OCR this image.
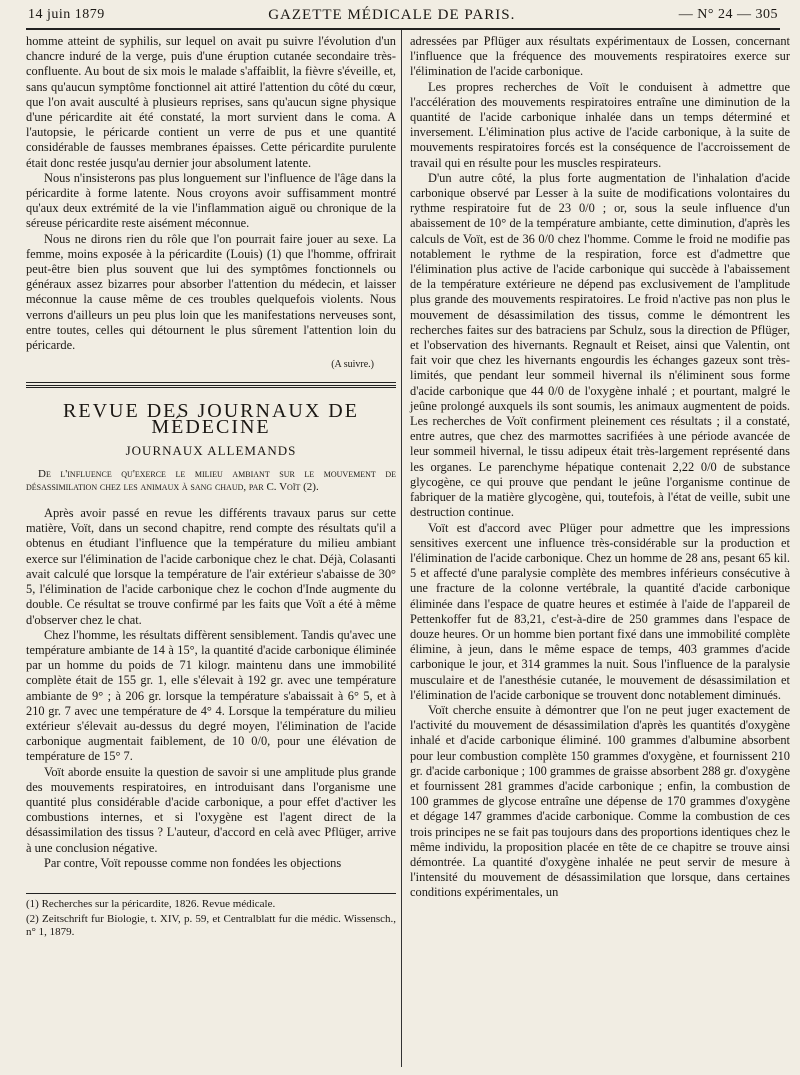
14 juin 1879	GAZETTE MÉDICALE DE PARIS.	— N° 24 — 305

homme atteint de syphilis, sur lequel on avait pu suivre l'évolution d'un chancre induré de la verge, puis d'une éruption cutanée secondaire très-confluente. Au bout de six mois le malade s'affaiblit, la fièvre s'éveille, et, sans qu'aucun symptôme fonctionnel ait attiré l'attention du côté du cœur, que l'on avait ausculté à plusieurs reprises, sans qu'aucun signe physique d'une péricardite ait été constaté, la mort survient dans le coma. A l'autopsie, le péricarde contient un verre de pus et une quantité considérable de fausses membranes épaisses. Cette péricardite purulente était donc restée jusqu'au dernier jour absolument latente.

Nous n'insisterons pas plus longuement sur l'influence de l'âge dans la péricardite à forme latente. Nous croyons avoir suffisamment montré qu'aux deux extrémité de la vie l'inflammation aiguë ou chronique de la séreuse péricardite reste aisément méconnue.

Nous ne dirons rien du rôle que l'on pourrait faire jouer au sexe. La femme, moins exposée à la péricardite (Louis) (1) que l'homme, offrirait peut-être bien plus souvent que lui des symptômes fonctionnels ou généraux assez bizarres pour absorber l'attention du médecin, et laisser méconnue la cause même de ces troubles quelquefois violents. Nous verrons d'ailleurs un peu plus loin que les manifestations nerveuses sont, entre toutes, celles qui détournent le plus sûrement l'attention loin du péricarde.

(A suivre.)
REVUE DES JOURNAUX DE MÉDECINE
JOURNAUX ALLEMANDS

De l'influence qu'exerce le milieu ambiant sur le mouvement de désassimilation chez les animaux à sang chaud, par C. Voït (2).

Après avoir passé en revue les différents travaux parus sur cette matière, Voït, dans un second chapitre, rend compte des résultats qu'il a obtenus en étudiant l'influence que la température du milieu ambiant exerce sur l'élimination de l'acide carbonique chez le chat. Déjà, Colasanti avait calculé que lorsque la température de l'air extérieur s'abaisse de 30° 5, l'élimination de l'acide carbonique chez le cochon d'Inde augmente du double. Ce résultat se trouve confirmé par les faits que Voït a été à même d'observer chez le chat.

Chez l'homme, les résultats diffèrent sensiblement. Tandis qu'avec une température ambiante de 14 à 15°, la quantité d'acide carbonique éliminée par un homme du poids de 71 kilogr. maintenu dans une immobilité complète était de 155 gr. 1, elle s'élevait à 192 gr. avec une température ambiante de 9° ; à 206 gr. lorsque la température s'abaissait à 6° 5, et à 210 gr. 7 avec une température de 4° 4. Lorsque la température du milieu extérieur s'élevait au-dessus du degré moyen, l'élimination de l'acide carbonique augmentait faiblement, de 10 0/0, pour une élévation de température de 15° 7.

Voït aborde ensuite la question de savoir si une amplitude plus grande des mouvements respiratoires, en introduisant dans l'organisme une quantité plus considérable d'acide carbonique, a pour effet d'activer les combustions internes, et si l'oxygène est l'agent direct de la désassimilation des tissus ? L'auteur, d'accord en celà avec Pflüger, arrive à une conclusion négative.

Par contre, Voït repousse comme non fondées les objections

(1) Recherches sur la péricardite, 1826. Revue médicale.

(2) Zeitschrift fur Biologie, t. XIV, p. 59, et Centralblatt fur die médic. Wissensch., n° 1, 1879.

adressées par Pflüger aux résultats expérimentaux de Lossen, concernant l'influence que la fréquence des mouvements respiratoires exerce sur l'élimination de l'acide carbonique.

Les propres recherches de Voït le conduisent à admettre que l'accélération des mouvements respiratoires entraîne une diminution de la quantité de l'acide carbonique inhalée dans un temps déterminé et inversement. L'élimination plus active de l'acide carbonique, à la suite de mouvements respiratoires forcés est la conséquence de l'accroissement de travail qui en résulte pour les muscles respirateurs.

D'un autre côté, la plus forte augmentation de l'inhalation d'acide carbonique observé par Lesser à la suite de modifications volontaires du rythme respiratoire fut de 23 0/0 ; or, sous la seule influence d'un abaissement de 10° de la température ambiante, cette diminution, d'après les calculs de Voït, est de 36 0/0 chez l'homme. Comme le froid ne modifie pas notablement le rythme de la respiration, force est d'admettre que l'élimination plus active de l'acide carbonique qui succède à l'abaissement de la température extérieure ne dépend pas exclusivement de l'amplitude plus grande des mouvements respiratoires. Le froid n'active pas non plus le mouvement de désassimilation des tissus, comme le démontrent les recherches faites sur des batraciens par Schulz, sous la direction de Pflüger, et l'observation des hivernants. Regnault et Reiset, ainsi que Valentin, ont fait voir que chez les hivernants engourdis les échanges gazeux sont très-limités, que pendant leur sommeil hivernal ils n'éliminent sous forme d'acide carbonique que 44 0/0 de l'oxygène inhalé ; et pourtant, malgré le jeûne prolongé auxquels ils sont soumis, les animaux augmentent de poids. Les recherches de Voït confirment pleinement ces résultats ; il a constaté, entre autres, que chez des marmottes sacrifiées à une période avancée de leur sommeil hivernal, le tissu adipeux était très-largement représenté dans les organes. Le parenchyme hépatique contenait 2,22 0/0 de substance glycogène, ce qui prouve que pendant le jeûne l'organisme continue de fabriquer de la matière glycogène, qui, toutefois, à l'état de veille, subit une destruction continue.

Voït est d'accord avec Plüger pour admettre que les impressions sensitives exercent une influence très-considérable sur la production et l'élimination de l'acide carbonique. Chez un homme de 28 ans, pesant 65 kil. 5 et affecté d'une paralysie complète des membres inférieurs consécutive à une fracture de la colonne vertébrale, la quantité d'acide carbonique éliminée dans l'espace de quatre heures et estimée à l'aide de l'appareil de Pettenkoffer fut de 83,21, c'est-à-dire de 250 grammes dans l'espace de douze heures. Or un homme bien portant fixé dans une immobilité complète élimine, à jeun, dans le même espace de temps, 403 grammes d'acide carbonique le jour, et 314 grammes la nuit. Sous l'influence de la paralysie musculaire et de l'anesthésie cutanée, le mouvement de désassimilation et l'élimination de l'acide carbonique se trouvent donc notablement diminués.

Voït cherche ensuite à démontrer que l'on ne peut juger exactement de l'activité du mouvement de désassimilation d'après les quantités d'oxygène inhalé et d'acide carbonique éliminé. 100 grammes d'albumine absorbent pour leur combustion complète 150 grammes d'oxygène, et fournissent 210 gr. d'acide carbonique ; 100 grammes de graisse absorbent 288 gr. d'oxygène et fournissent 281 grammes d'acide carbonique ; enfin, la combustion de 100 grammes de glycose entraîne une dépense de 170 grammes d'oxygène et dégage 147 grammes d'acide carbonique. Comme la combustion de ces trois principes ne se fait pas toujours dans des proportions identiques chez le même individu, la proposition placée en tête de ce chapitre se trouve ainsi démontrée. La quantité d'oxygène inhalée ne peut servir de mesure à l'intensité du mouvement de désassimilation que lorsque, dans certaines conditions expérimentales, un
